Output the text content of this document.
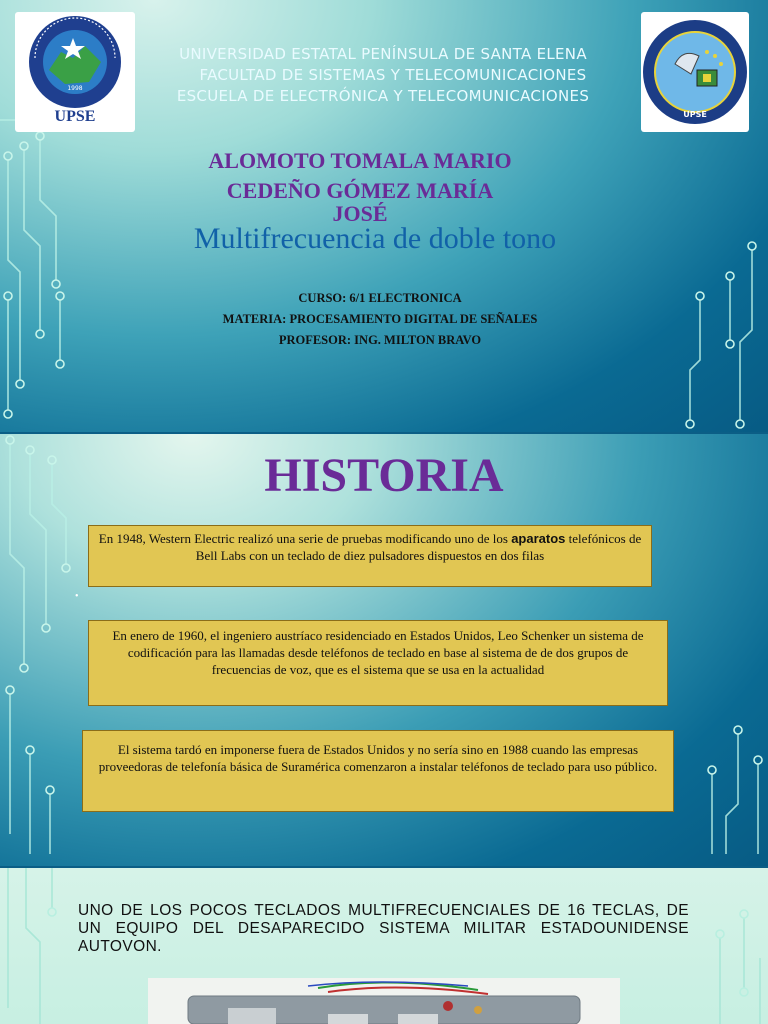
1998
UPSE	UPSE
UNIVERSIDAD ESTATAL PENÍNSULA DE SANTA ELENA
FACULTAD DE SISTEMAS Y TELECOMUNICACIONES
ESCUELA DE ELECTRÓNICA Y TELECOMUNICACIONES
ALOMOTO TOMALA MARIO
CEDEÑO GÓMEZ MARÍA
JOSÉ
Multifrecuencia de doble tono
CURSO: 6/1 ELECTRONICA
MATERIA: PROCESAMIENTO DIGITAL DE SEÑALES
PROFESOR: ING. MILTON BRAVO
HISTORIA
•
En 1948, Western Electric realizó una serie de pruebas modificando uno de los aparatos telefónicos de Bell Labs con un teclado de diez pulsadores dispuestos en dos filas
En enero de 1960, el ingeniero austríaco residenciado en Estados Unidos, Leo Schenker un sistema de codificación para las llamadas desde teléfonos de teclado en base al sistema de de dos grupos de frecuencias de voz, que es el sistema que se usa en la actualidad
El sistema tardó en imponerse fuera de Estados Unidos y no sería sino en 1988 cuando las empresas proveedoras de telefonía básica de Suramérica comenzaron a instalar teléfonos de teclado para uso público.
UNO DE LOS POCOS TECLADOS MULTIFRECUENCIALES DE 16 TECLAS, DE UN EQUIPO DEL DESAPARECIDO SISTEMA MILITAR ESTADOUNIDENSE AUTOVON.
